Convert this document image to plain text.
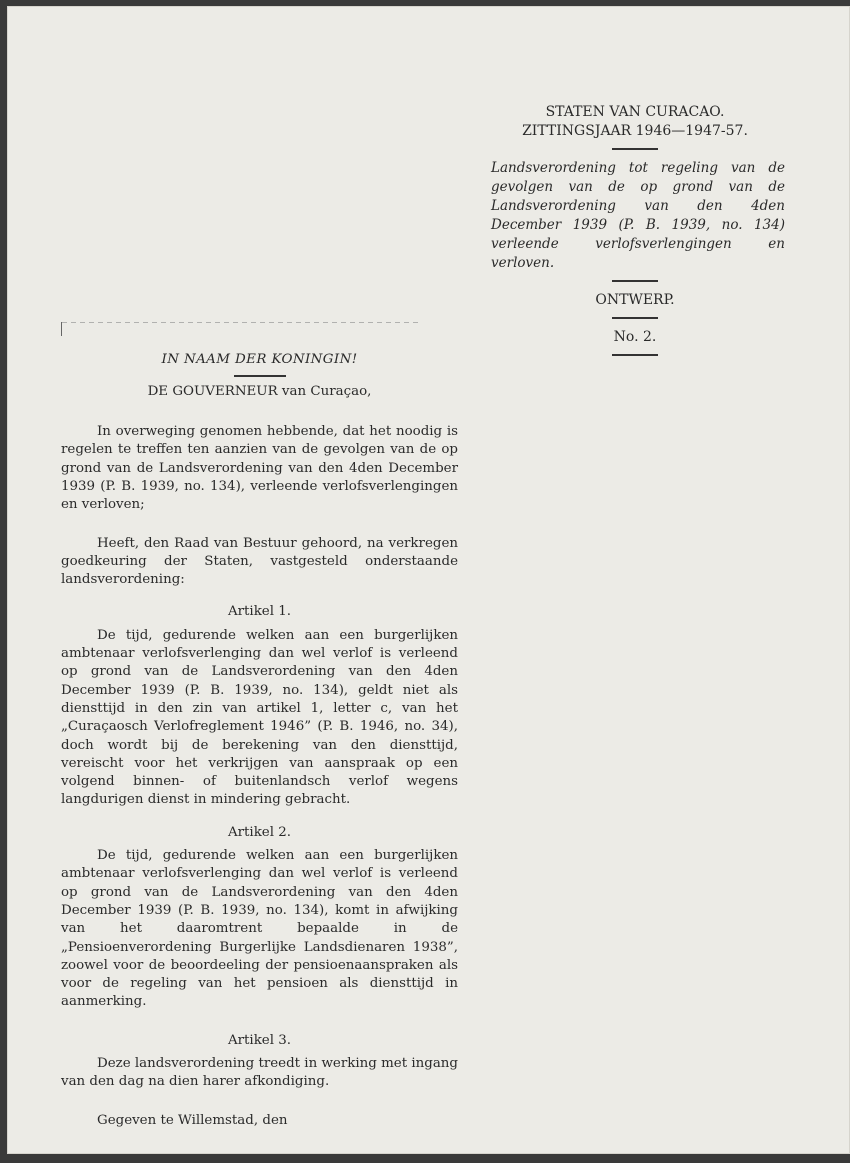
STATEN VAN CURACAO.

ZITTINGSJAAR 1946—1947-57.

Landsverordening tot regeling van de gevolgen van de op grond van de Landsverordening van den 4den December 1939 (P. B. 1939, no. 134) verleende verlofsverlengingen en verloven.

ONTWERP.

No. 2.

IN NAAM DER KONINGIN!
DE GOUVERNEUR van Curaçao,

In overweging genomen hebbende, dat het noodig is regelen te treffen ten aanzien van de gevolgen van de op grond van de Landsverordening van den 4den December 1939 (P. B. 1939, no. 134), verleende verlofsverlengingen en verloven;

Heeft, den Raad van Bestuur gehoord, na verkregen goedkeuring der Staten, vastgesteld onderstaande landsverordening:

Artikel 1.

De tijd, gedurende welken aan een burgerlijken ambtenaar verlofsverlenging dan wel verlof is verleend op grond van de Landsverordening van den 4den December 1939 (P. B. 1939, no. 134), geldt niet als diensttijd in den zin van artikel 1, letter c, van het „Curaçaosch Verlofreglement 1946” (P. B. 1946, no. 34), doch wordt bij de berekening van den diensttijd, vereischt voor het verkrijgen van aanspraak op een volgend binnen- of buitenlandsch verlof wegens langdurigen dienst in mindering gebracht.

Artikel 2.

De tijd, gedurende welken aan een burgerlijken ambtenaar verlofsverlenging dan wel verlof is verleend op grond van de Landsverordening van den 4den December 1939 (P. B. 1939, no. 134), komt in afwijking van het daaromtrent bepaalde in de „Pensioenverordening Burgerlijke Landsdienaren 1938”, zoowel voor de beoordeeling der pensioenaanspraken als voor de regeling van het pensioen als diensttijd in aanmerking.

Artikel 3.

Deze landsverordening treedt in werking met ingang van den dag na dien harer afkondiging.

Gegeven te Willemstad, den
